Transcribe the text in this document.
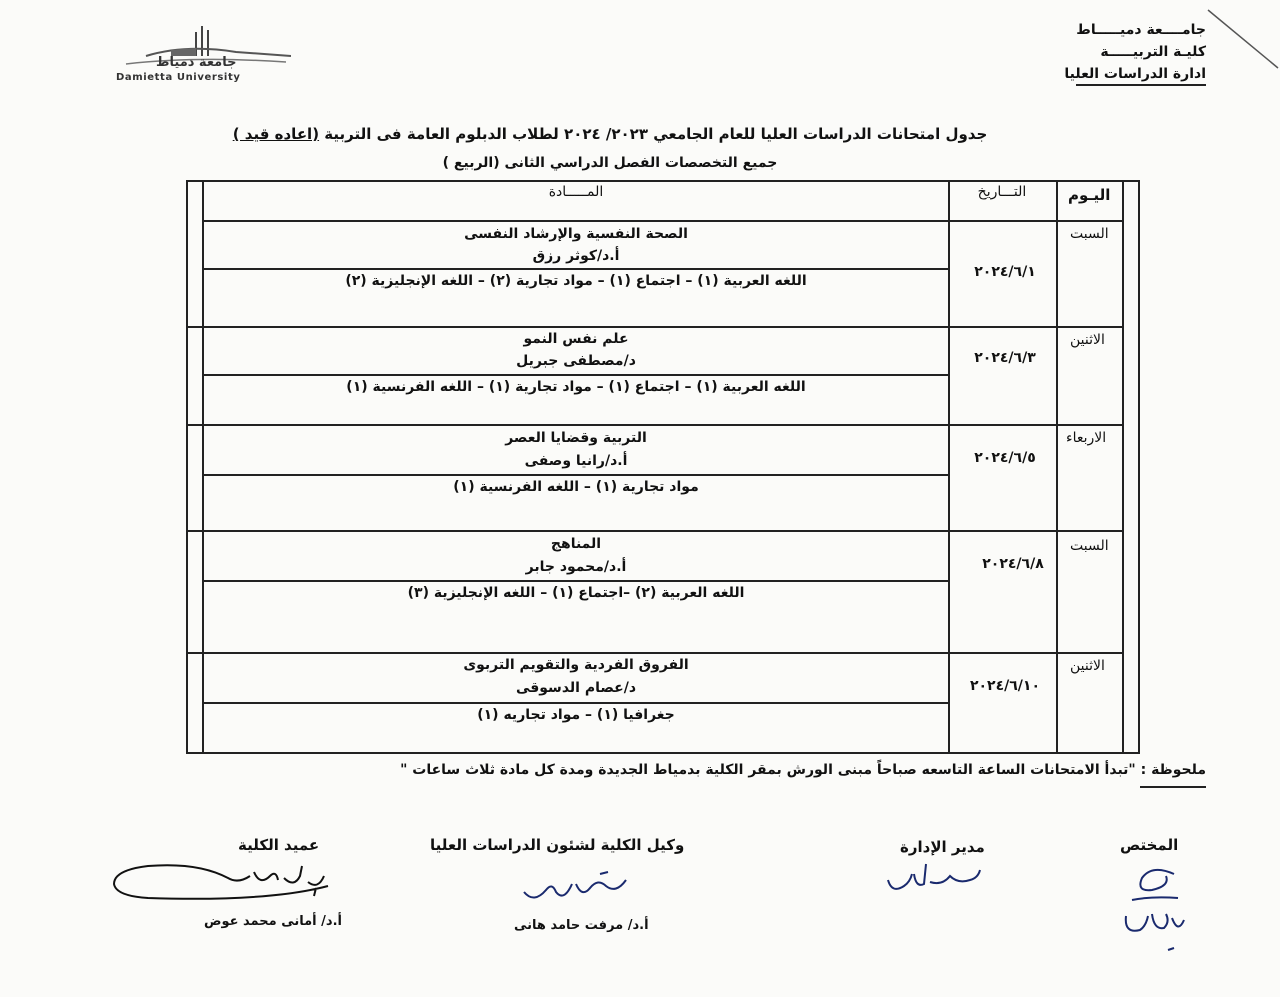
جامــــعة دميـــــاط
كليـة التربيـــــة
ادارة الدراسات العليا
جامعة دمياط
Damietta University
جدول امتحانات الدراسات العليا للعام الجامعي ٢٠٢٣/ ٢٠٢٤ لطلاب الدبلوم العامة فى التربية (اعاده قيد )
جميع التخصصات الفصل الدراسي الثانى (الربيع )
اليـوم
التـــاريخ
المـــــادة
السبت
٢٠٢٤/٦/١
الصحة النفسية والإرشاد النفسى
أ.د/كوثر رزق
اللغه العربية (١) – اجتماع (١) – مواد تجارية (٢) – اللغه الإنجليزية (٢)
الاثنين
٢٠٢٤/٦/٣
علم نفس النمو
د/مصطفى جبريل
اللغه العربية (١) – اجتماع (١) – مواد تجارية (١) – اللغه الفرنسية (١)
الاربعاء
٢٠٢٤/٦/٥
التربية وقضايا العصر
أ.د/رانيا وصفى
مواد تجارية (١) – اللغه الفرنسية (١)
السبت
٢٠٢٤/٦/٨
المناهج
أ.د/محمود جابر
اللغه العربية (٢) –اجتماع (١) – اللغه الإنجليزية (٣)
الاثنين
٢٠٢٤/٦/١٠
الفروق الفردية والتقويم التربوى
د/عصام الدسوقى
جغرافيا (١) – مواد تجاريه (١)
ملحوظة : "تبدأ الامتحانات الساعة التاسعه صباحاً مبنى الورش بمقر الكلية بدمياط الجديدة ومدة كل مادة ثلاث ساعات "
المختص
مدير الإدارة
وكيل الكلية لشئون الدراسات العليا
عميد الكلية
أ.د/ مرفت حامد هانى
أ.د/ أمانى محمد عوض
